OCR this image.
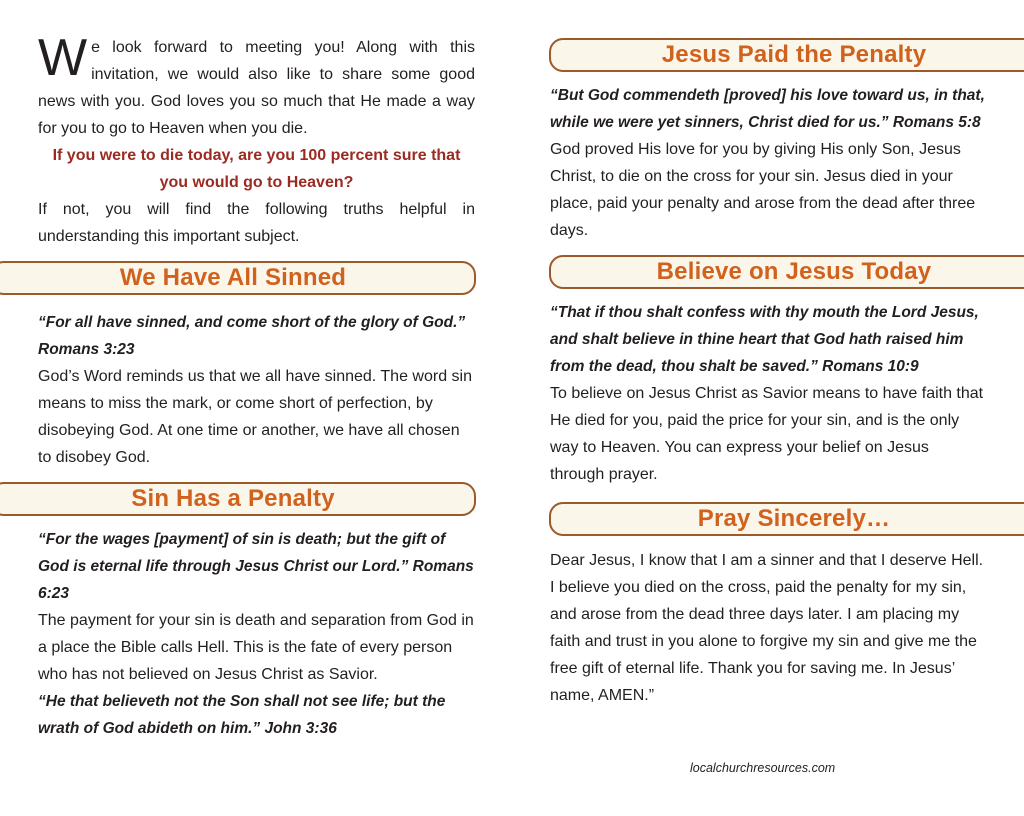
We look forward to meeting you! Along with this invitation, we would also like to share some good news with you. God loves you so much that He made a way for you to go to Heaven when you die.

If you were to die today, are you 100 percent sure that you would go to Heaven?

If not, you will find the following truths helpful in understanding this important subject.

We Have All Sinned

“For all have sinned, and come short of the glory of God.” Romans 3:23

God’s Word reminds us that we all have sinned. The word sin means to miss the mark, or come short of perfection, by disobeying God. At one time or another, we have all chosen to disobey God.

Sin Has a Penalty

“For the wages [payment] of sin is death; but the gift of God is eternal life through Jesus Christ our Lord.” Romans 6:23

The payment for your sin is death and separation from God in a place the Bible calls Hell. This is the fate of every person who has not believed on Jesus Christ as Savior.

“He that believeth not the Son shall not see life; but the wrath of God abideth on him.” John 3:36

Jesus Paid the Penalty

“But God commendeth [proved] his love toward us, in that, while we were yet sinners, Christ died for us.” Romans 5:8

God proved His love for you by giving His only Son, Jesus Christ, to die on the cross for your sin. Jesus died in your place, paid your penalty and arose from the dead after three days.

Believe on Jesus Today

“That if thou shalt confess with thy mouth the Lord Jesus, and shalt believe in thine heart that God hath raised him from the dead, thou shalt be saved.” Romans 10:9

To believe on Jesus Christ as Savior means to have faith that He died for you, paid the price for your sin, and is the only way to Heaven. You can express your belief on Jesus through prayer.

Pray Sincerely…

Dear Jesus, I know that I am a sinner and that I deserve Hell. I believe you died on the cross, paid the penalty for my sin, and arose from the dead three days later. I am placing my faith and trust in you alone to forgive my sin and give me the free gift of eternal life. Thank you for saving me. In Jesus’ name, AMEN.”

localchurchresources.com
